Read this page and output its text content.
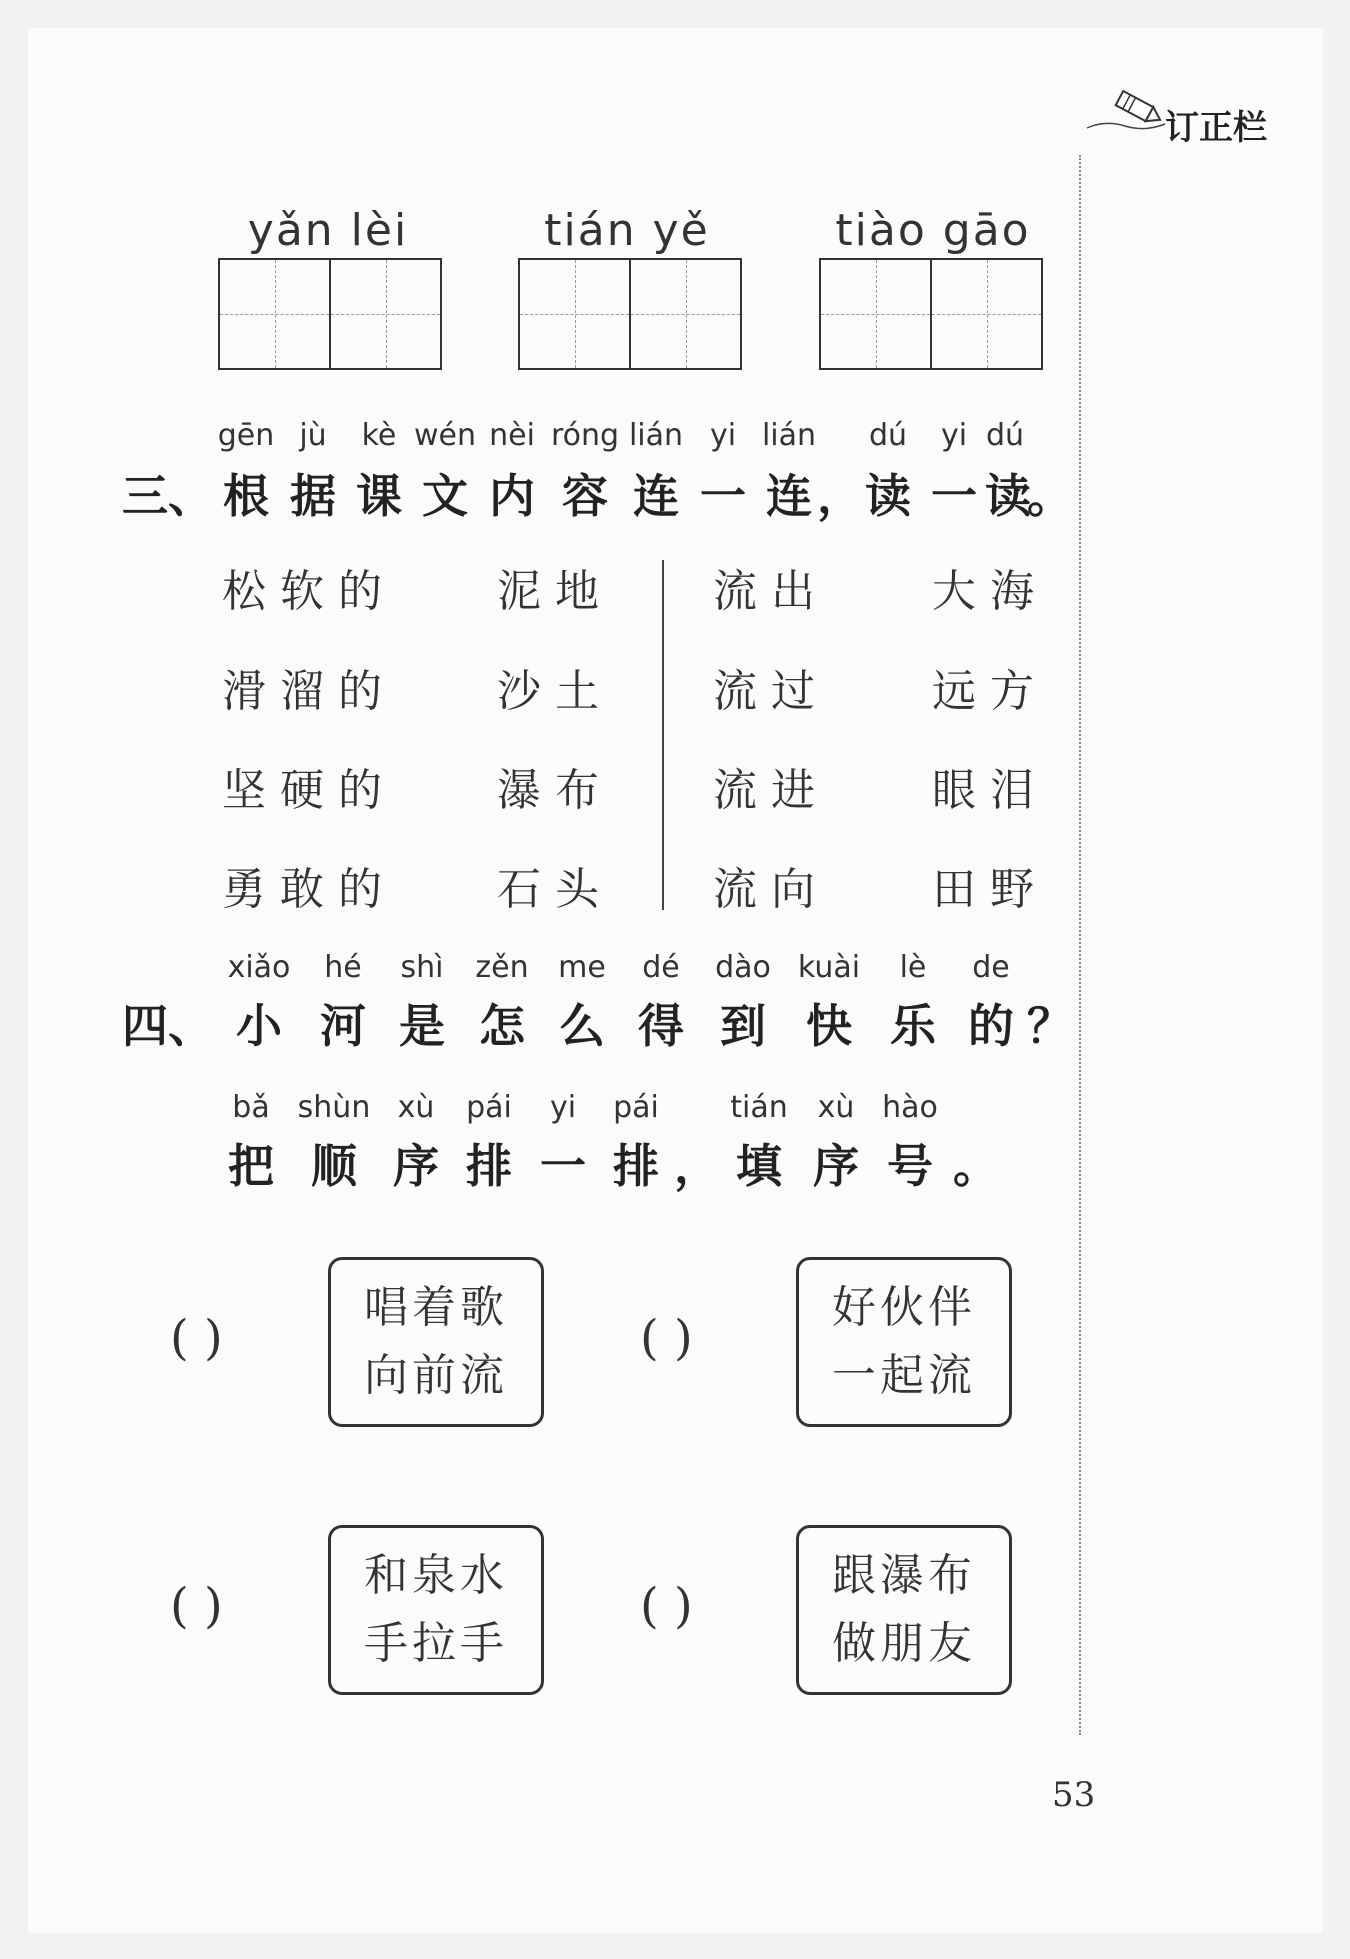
订正栏
yǎn lèi	tián yě	tiào gāo
gēn jù kè wén nèi róng lián yi lián dú yi dú
三、 根 据 课 文 内 容 连 一 连 ， 读 一 读
。
松软的
滑溜的
坚硬的
勇敢的
泥地
沙土
瀑布
石头
流出
流过
流进
流向
大海
远方
眼泪
田野
xiǎo hé shì zěn me dé dào kuài lè de
四、 小 河 是 怎 么 得 到 快 乐 的 ？
bǎ shùn xù pái yi pái tián xù hào
把 顺 序 排 一 排 ， 填 序 号 。
( )
唱着歌
向前流
( )
好伙伴
一起流
( )
和泉水
手拉手
( )
跟瀑布
做朋友
53
